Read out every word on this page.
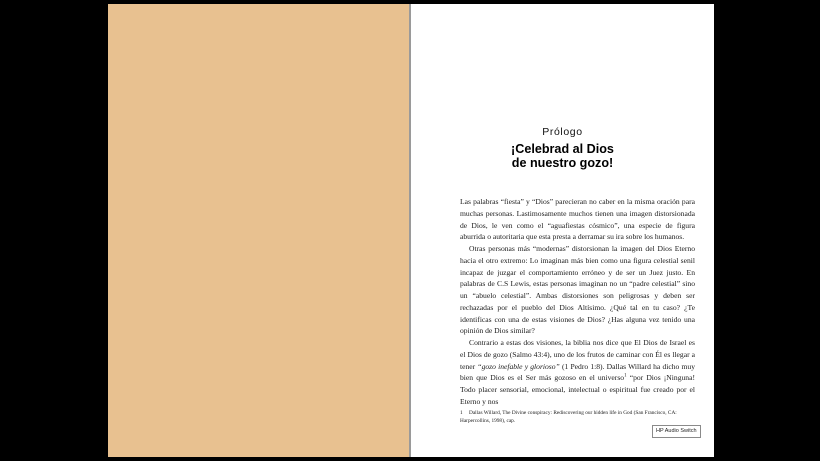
Prólogo
¡Celebrad al Dios
de nuestro gozo!

Las palabras “fiesta” y “Dios” parecieran no caber en la misma oración para muchas personas. Lastimosamente muchos tienen una imagen distorsionada de Dios, le ven como el “aguafiestas cósmico”, una especie de figura aburrida o autoritaria que esta presta a derramar su ira sobre los humanos.

Otras personas más “modernas” distorsionan la imagen del Dios Eterno hacia el otro extremo: Lo imaginan más bien como una figura celestial senil incapaz de juzgar el comportamiento erróneo y de ser un Juez justo. En palabras de C.S Lewis, estas personas imaginan no un “padre celestial” sino un “abuelo celestial”. Ambas distorsiones son peligrosas y deben ser rechazadas por el pueblo del Dios Altísimo. ¿Qué tal en tu caso? ¿Te identificas con una de estas visiones de Dios? ¿Has alguna vez tenido una opinión de Dios similar?

Contrario a estas dos visiones, la biblia nos dice que El Dios de Israel es el Dios de gozo (Salmo 43:4), uno de los frutos de caminar con Él es llegar a tener “gozo inefable y glorioso” (1 Pedro 1:8). Dallas Willard ha dicho muy bien que Dios es el Ser más gozoso en el universo$^1$ “por Dios ¡Ninguna! Todo placer sensorial, emocional, intelectual o espiritual fue creado por el Eterno y nos

1 Dallas Willard, The Divine conspiracy: Rediscovering our hidden life in God (San Francisco, CA: Harpercollins, 1998), cap.
HP Audio Switch
